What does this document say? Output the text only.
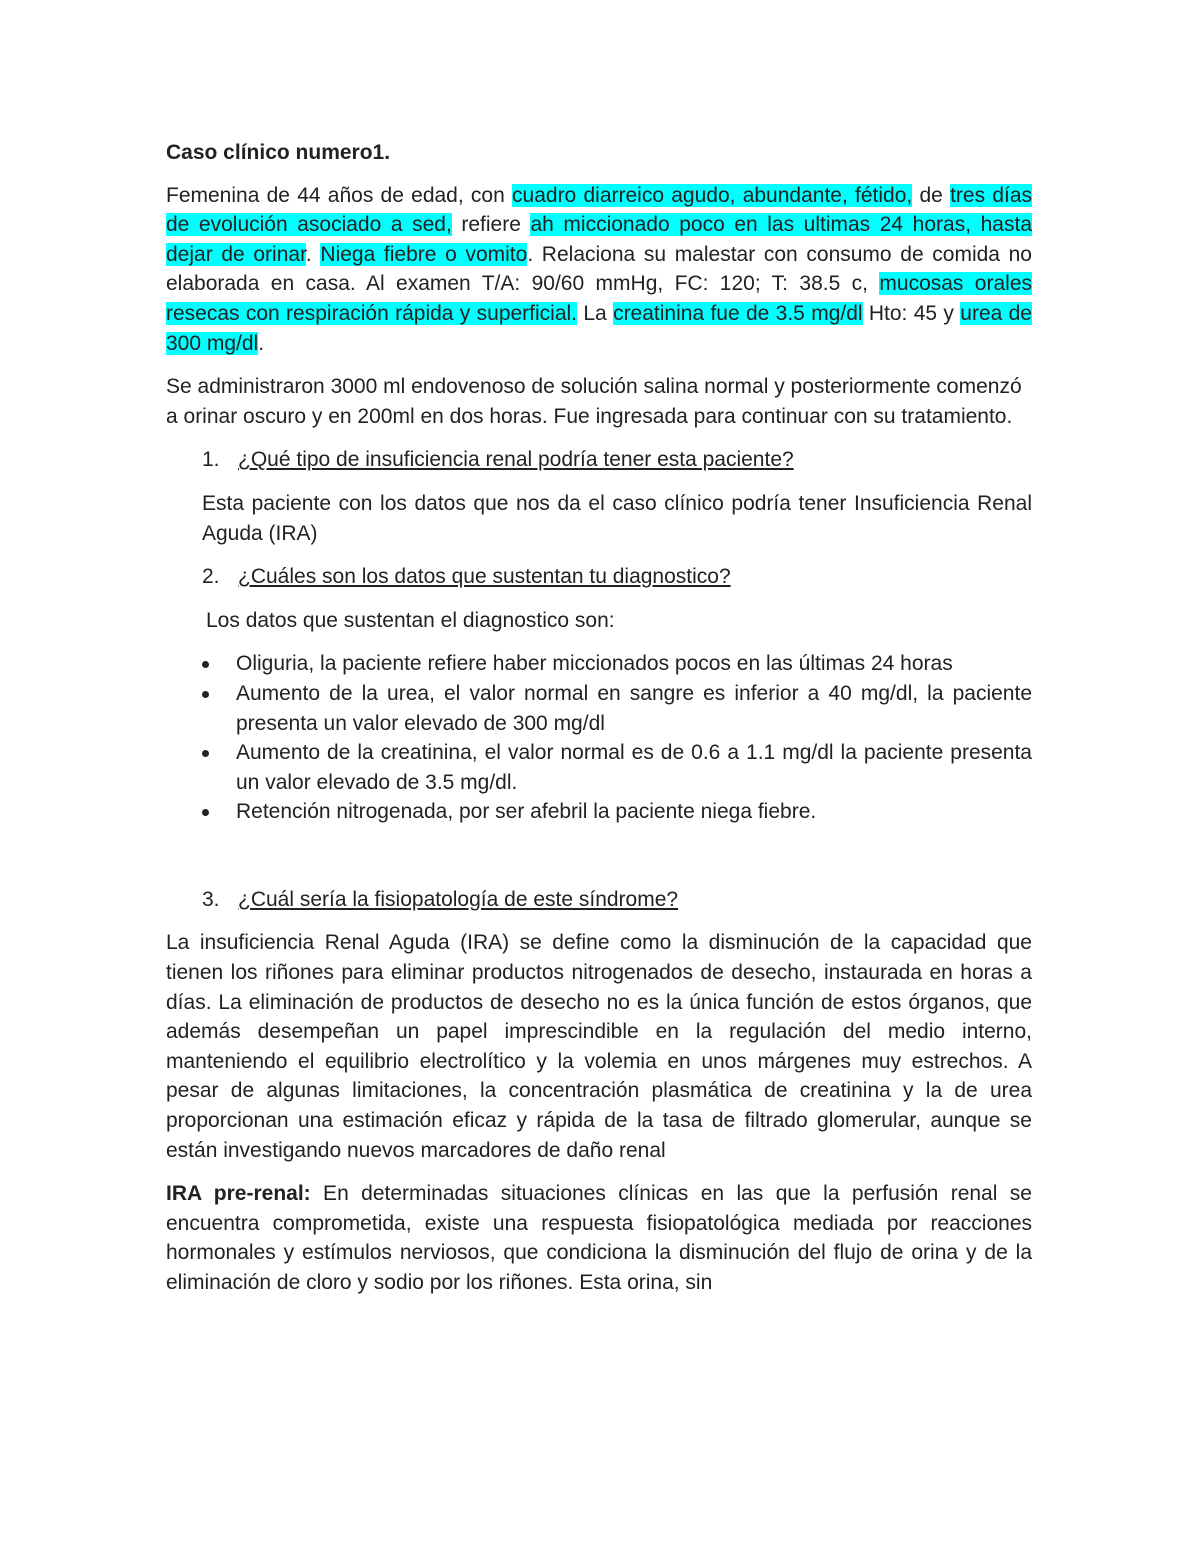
Caso clínico numero1.

Femenina de 44 años de edad, con cuadro diarreico agudo, abundante, fétido, de tres días de evolución asociado a sed, refiere ah miccionado poco en las ultimas 24 horas, hasta dejar de orinar. Niega fiebre o vomito. Relaciona su malestar con consumo de comida no elaborada en casa. Al examen T/A: 90/60 mmHg, FC: 120; T: 38.5 c, mucosas orales resecas con respiración rápida y superficial. La creatinina fue de 3.5 mg/dl Hto: 45 y urea de 300 mg/dl.

Se administraron 3000 ml endovenoso de solución salina normal y posteriormente comenzó a orinar oscuro y en 200ml en dos horas. Fue ingresada para continuar con su tratamiento.

1. ¿Qué tipo de insuficiencia renal podría tener esta paciente?

Esta paciente con los datos que nos da el caso clínico podría tener Insuficiencia Renal Aguda (IRA)

2. ¿Cuáles son los datos que sustentan tu diagnostico?

Los datos que sustentan el diagnostico son:

Oliguria, la paciente refiere haber miccionados pocos en las últimas 24 horas
Aumento de la urea, el valor normal en sangre es inferior a 40 mg/dl, la paciente presenta un valor elevado de 300 mg/dl
Aumento de la creatinina, el valor normal es de 0.6 a 1.1 mg/dl la paciente presenta un valor elevado de 3.5 mg/dl.
Retención nitrogenada, por ser afebril la paciente niega fiebre.
3. ¿Cuál sería la fisiopatología de este síndrome?

La insuficiencia Renal Aguda (IRA) se define como la disminución de la capacidad que tienen los riñones para eliminar productos nitrogenados de desecho, instaurada en horas a días. La eliminación de productos de desecho no es la única función de estos órganos, que además desempeñan un papel imprescindible en la regulación del medio interno, manteniendo el equilibrio electrolítico y la volemia en unos márgenes muy estrechos. A pesar de algunas limitaciones, la concentración plasmática de creatinina y la de urea proporcionan una estimación eficaz y rápida de la tasa de filtrado glomerular, aunque se están investigando nuevos marcadores de daño renal

IRA pre-renal: En determinadas situaciones clínicas en las que la perfusión renal se encuentra comprometida, existe una respuesta fisiopatológica mediada por reacciones hormonales y estímulos nerviosos, que condiciona la disminución del flujo de orina y de la eliminación de cloro y sodio por los riñones. Esta orina, sin
